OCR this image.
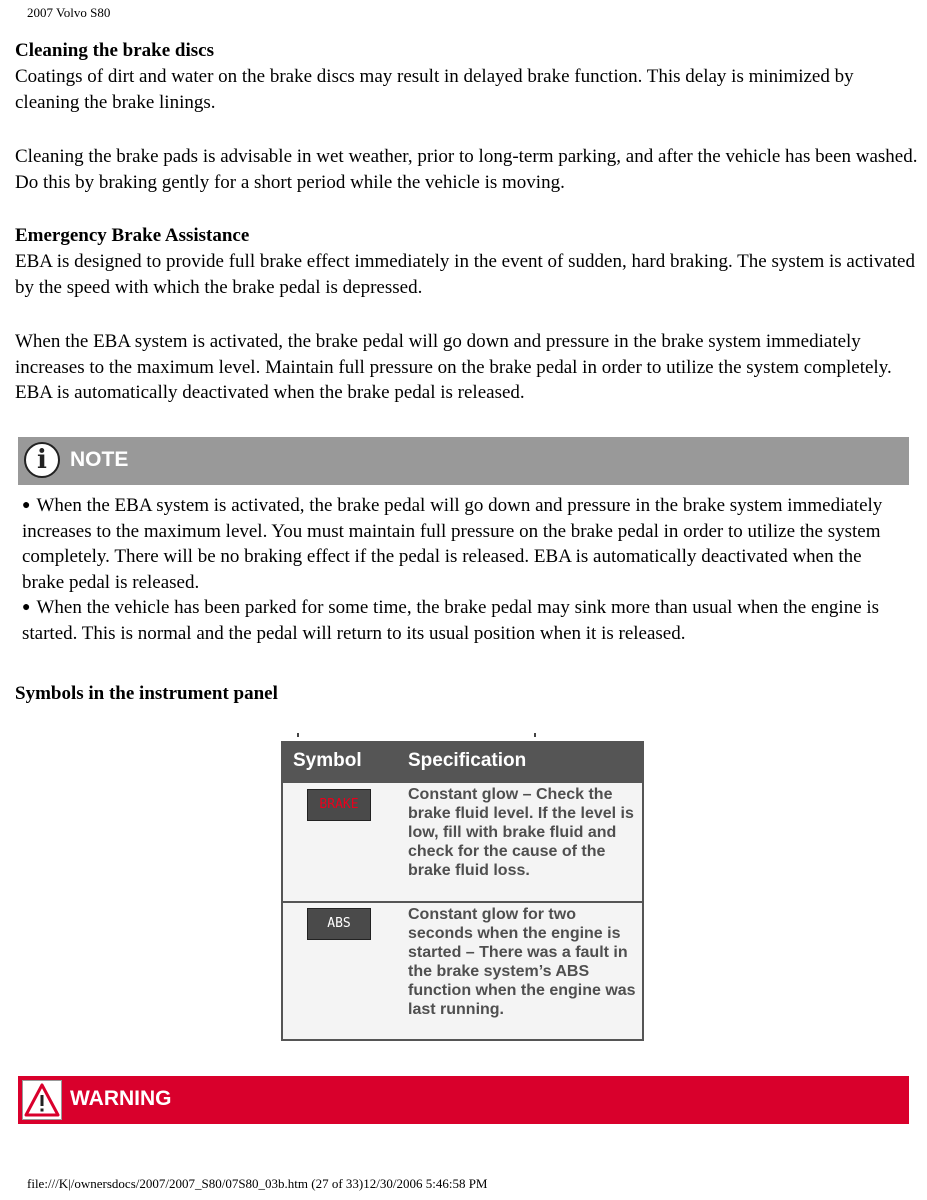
2007 Volvo S80
Cleaning the brake discs
Coatings of dirt and water on the brake discs may result in delayed brake function. This delay is minimized by cleaning the brake linings.
Cleaning the brake pads is advisable in wet weather, prior to long-term parking, and after the vehicle has been washed. Do this by braking gently for a short period while the vehicle is moving.
Emergency Brake Assistance
EBA is designed to provide full brake effect immediately in the event of sudden, hard braking. The system is activated by the speed with which the brake pedal is depressed.
When the EBA system is activated, the brake pedal will go down and pressure in the brake system immediately increases to the maximum level. Maintain full pressure on the brake pedal in order to utilize the system completely. EBA is automatically deactivated when the brake pedal is released.
i	NOTE
● When the EBA system is activated, the brake pedal will go down and pressure in the brake system immediately increases to the maximum level. You must maintain full pressure on the brake pedal in order to utilize the system completely. There will be no braking effect if the pedal is released. EBA is automatically deactivated when the brake pedal is released.
● When the vehicle has been parked for some time, the brake pedal may sink more than usual when the engine is started. This is normal and the pedal will return to its usual position when it is released.
Symbols in the instrument panel
Symbol Specification
BRAKE
Constant glow – Check the brake fluid level. If the level is low, fill with brake fluid and check for the cause of the brake fluid loss.
ABS
Constant glow for two seconds when the engine is started – There was a fault in the brake system’s ABS function when the engine was last running.
WARNING
file:///K|/ownersdocs/2007/2007_S80/07S80_03b.htm (27 of 33)12/30/2006 5:46:58 PM
